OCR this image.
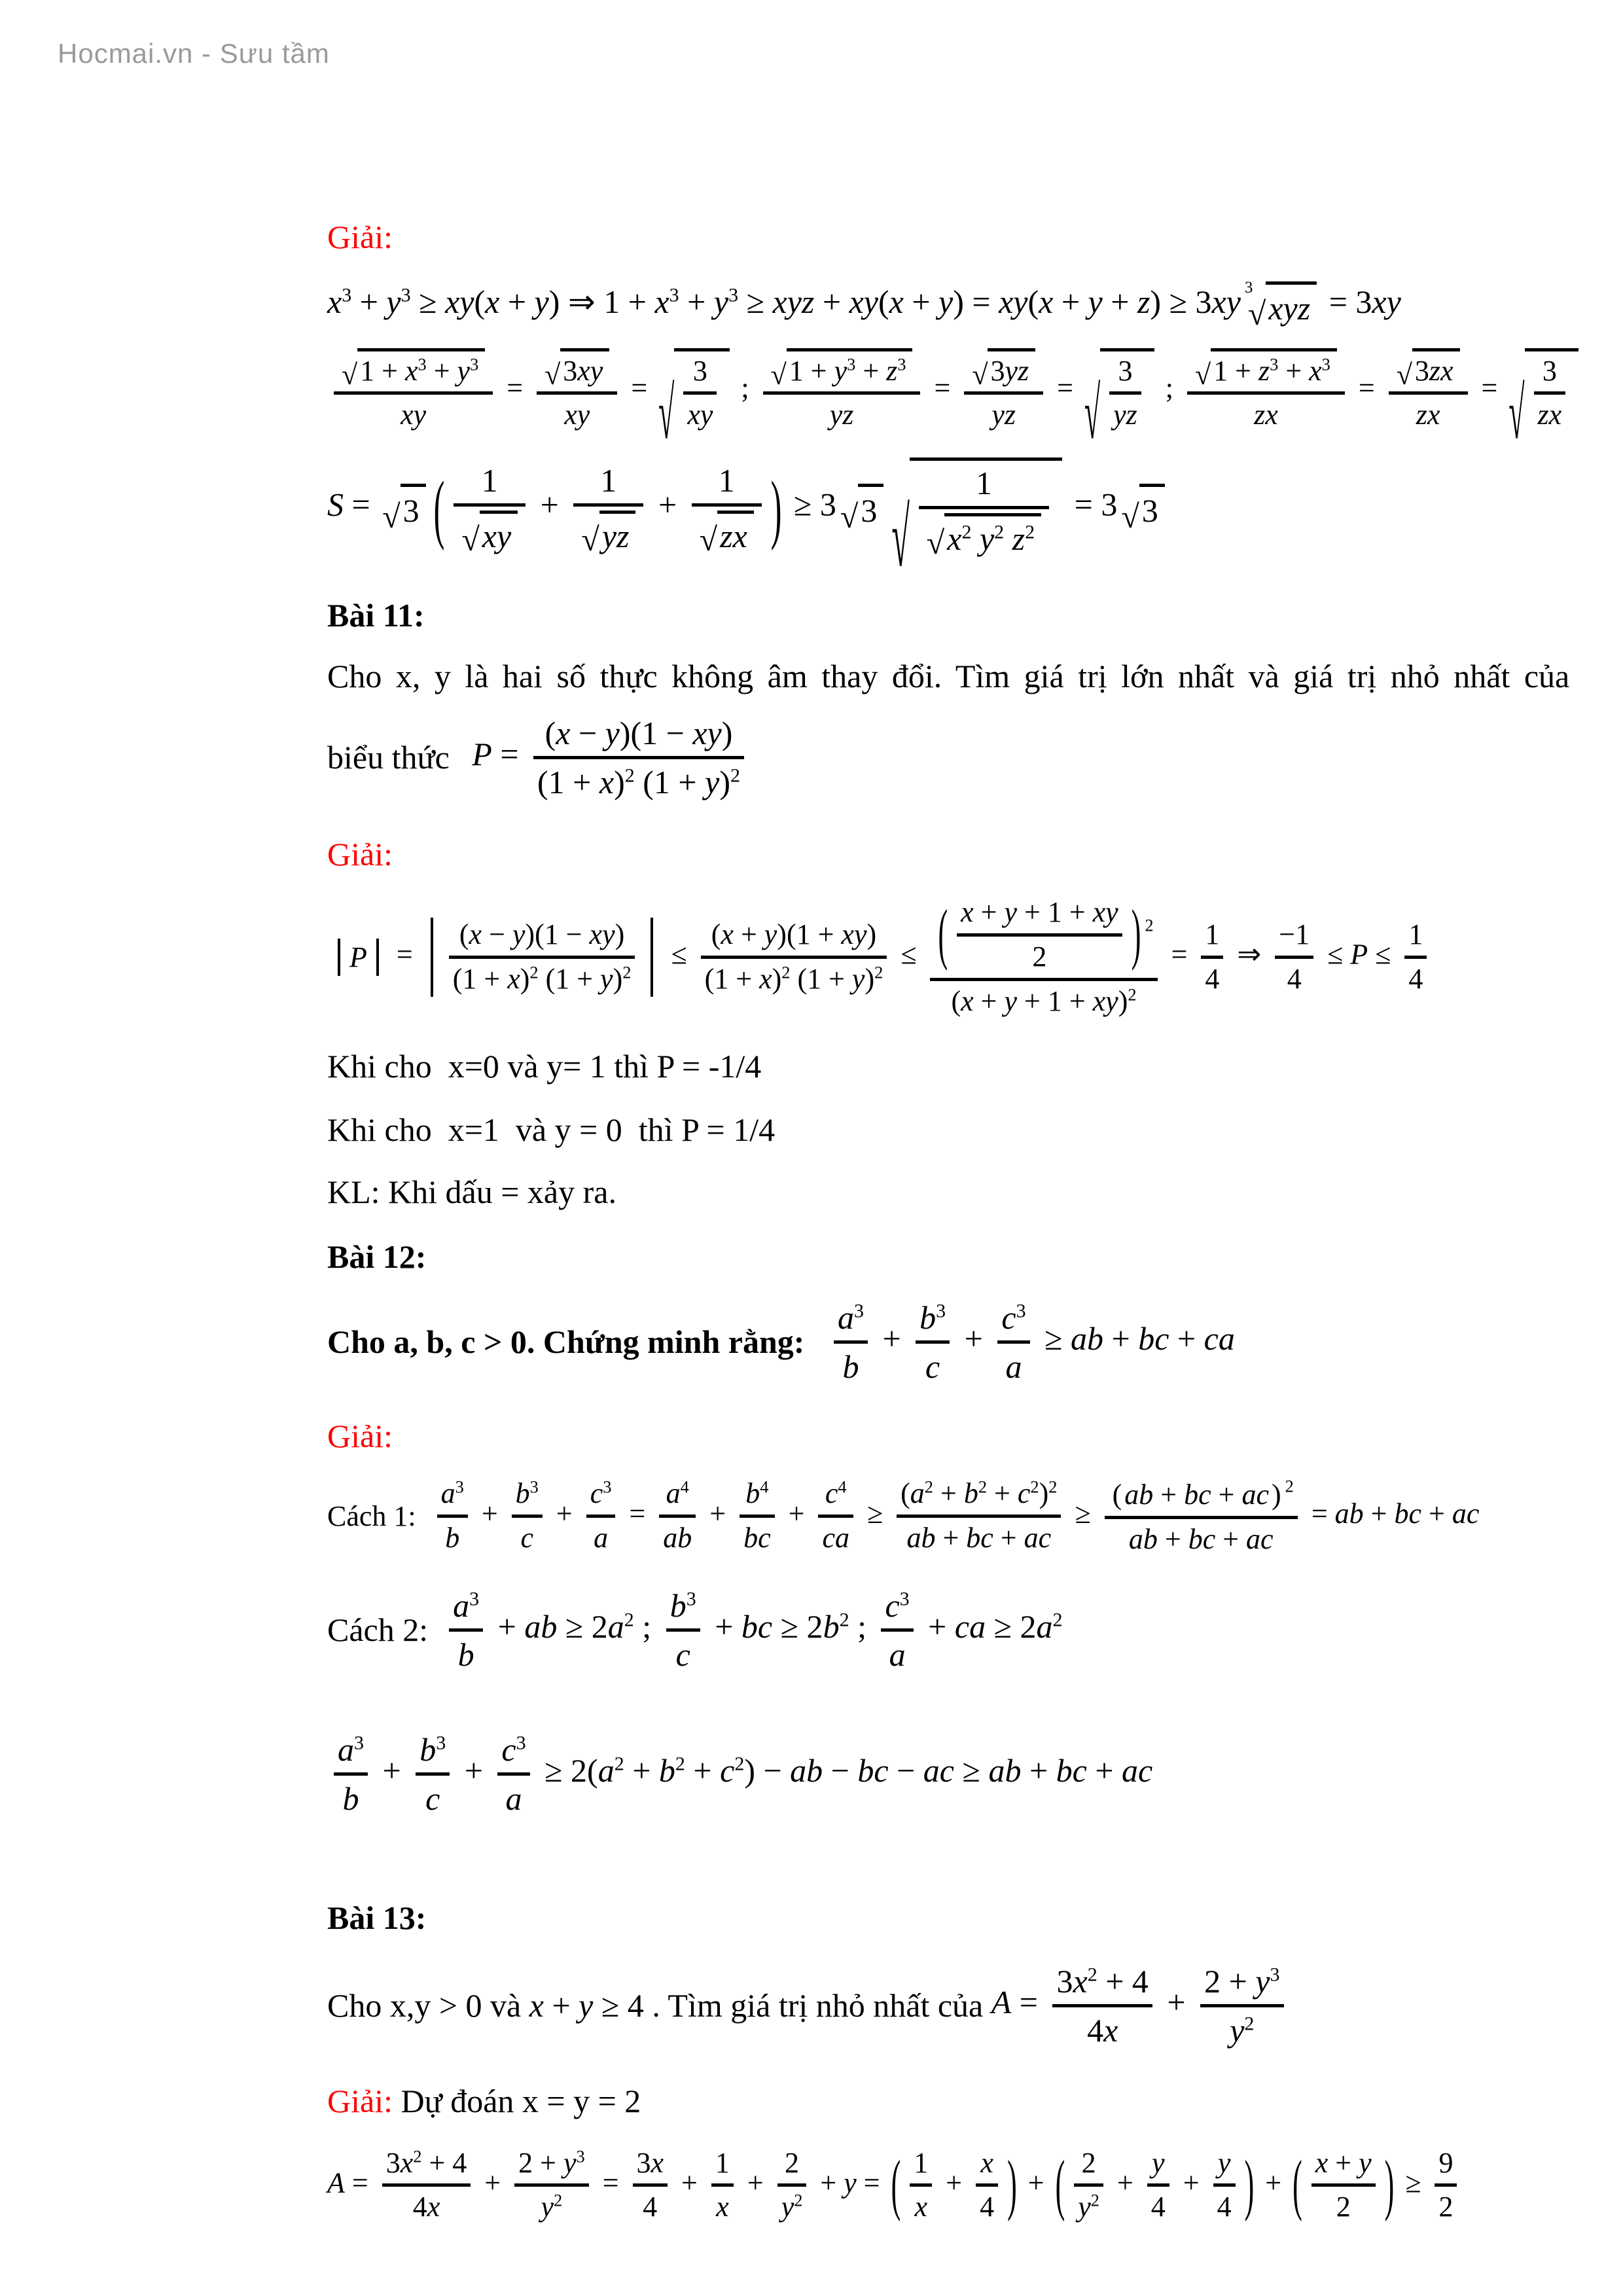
Hocmai.vn - Sưu tầm
Giải:
$x^3 + y^3 \ge xy(x + y)$ ⇒ $1 + x^3 + y^3$ ≥ xyz + xy(x + y) = xy(x + y + z) ≥ 3xy 3
√ xyz = 3xy
√ $1 + x^3 + y^3$
xy
= √ 3xy
xy
= √
3
xy
; √ $1 + y^3 + z^3$
yz
= √ 3yz
yz
= √
3
yz
; √ $1 + z^3 + x^3$
zx
= √ 3zx
zx
= √
3
zx
S = √ 3 ( 1
√ xy
+
1
√ yz
+
1
√ zx ) ≥ 3 √ 3 √
1
√ $x^2$ $y^2$ $z^2$
= 3 √ 3
Bài 11:
Cho x, y là hai số thực không âm thay đổi. Tìm giá trị lớn nhất và giá trị nhỏ nhất của
biểu thức P =
(x − y)(1 − xy)
$(1 + x)^2$ $(1 + y)^2$
Giải:
P =
(x − y)(1 − xy)
$(1 + x)^2$ $(1 + y)^2$
≤
(x + y)(1 + xy)
$(1 + x)^2$ $(1 + y)^2$
≤ ( x + y + 1 + xy
2	) $^2$
(x + y + 1 + xy)$^2$
=
1
4
⇒
−1
4
≤ P ≤
1
4
Khi cho  x=0 và y= 1 thì P = -1/4
Khi cho  x=1  và y = 0  thì P = 1/4
KL: Khi dấu = xảy ra.
Bài 12:
Cho a, b, c > 0. Chứng minh rằng:
$a^3$
b
+
$b^3$
c
+
$c^3$
a
≥ ab + bc + ca
Giải:
Cách 1:
$a^3$
b
+
$b^3$
c
+
$c^3$
a
=
$a^4$
ab
+
$b^4$
bc
+
$c^4$
ca
≥
$(a^2 + b^2 + c^2)^2$
ab + bc + ac
≥
( ab + bc + ac ) $^2$
ab + bc + ac
= ab + bc + ac
Cách 2:
$a^3$
b
+ ab ≥ $2a^2$ ;
$b^3$
c
+ bc ≥ $2b^2$ ;
$c^3$
a
+ ca ≥ $2a^2$
$a^3$
b
+
$b^3$
c
+
$c^3$
a
≥ $2(a^2 + b^2 + c^2)$ − ab − bc − ac ≥ ab + bc + ac
Bài 13:
Cho x,y > 0 và x + y ≥ 4 . Tìm giá trị nhỏ nhất của A =
$3x^2 + 4$
4x
+
$2 + y^3$
$y^2$
Giải: Dự đoán x = y = 2
A =
$3x^2 + 4$
4x
+
$2 + y^3$
$y^2$
=
3x
4
+
1
x
+
2
$y^2$
+ y = ( 1
x
+
x
4 ) + ( 2
$y^2$
+
y
4
+
y
4 ) + ( x + y
2 ) ≥
9
2
